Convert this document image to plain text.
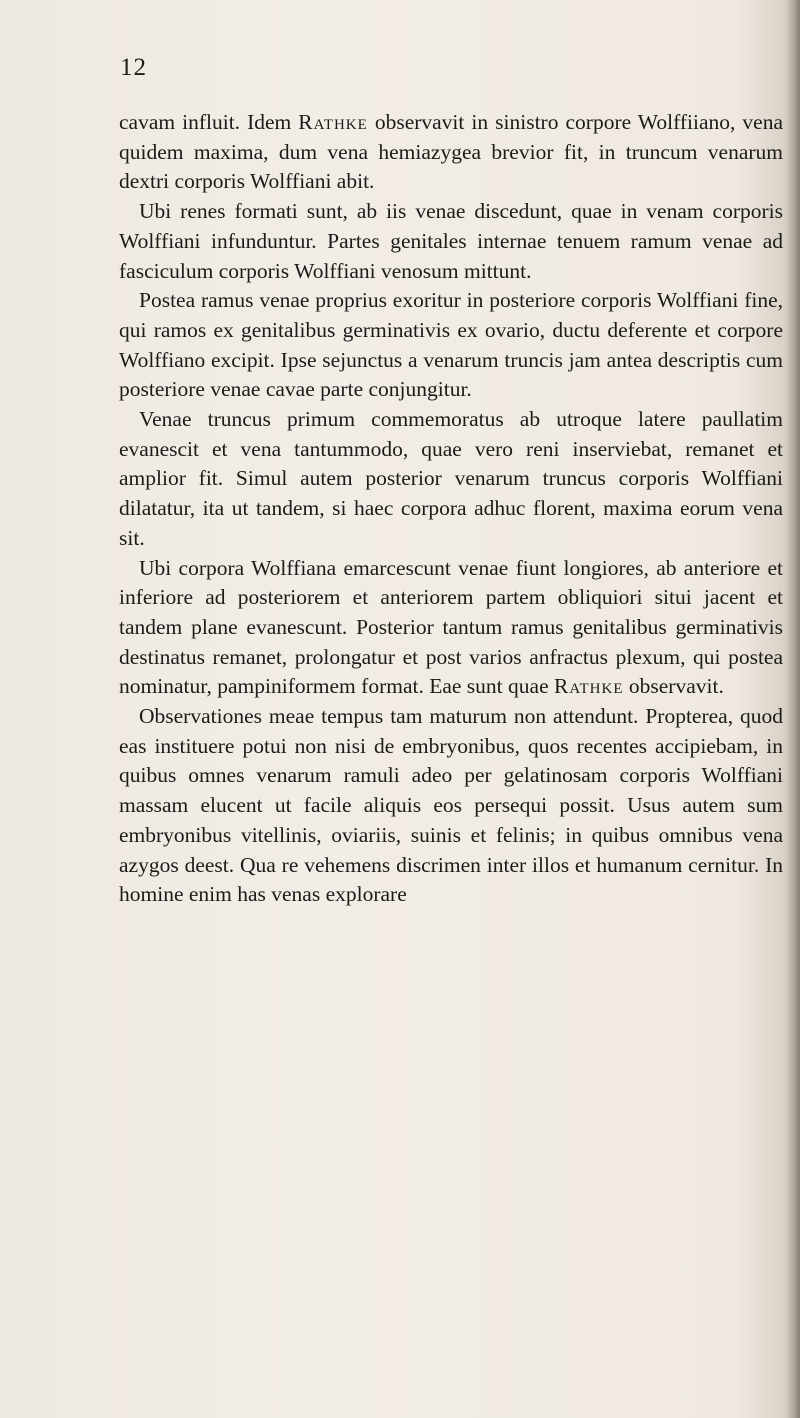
12

cavam influit. Idem Rathke observavit in sinistro corpore Wolffiiano, vena quidem maxima, dum vena hemiazygea brevior fit, in truncum venarum dextri corporis Wolffiani abit.

Ubi renes formati sunt, ab iis venae discedunt, quae in venam corporis Wolffiani infunduntur. Partes genitales internae tenuem ramum venae ad fasciculum corporis Wolffiani venosum mittunt.

Postea ramus venae proprius exoritur in posteriore corporis Wolffiani fine, qui ramos ex genitalibus germinativis ex ovario, ductu deferente et corpore Wolffiano excipit. Ipse sejunctus a venarum truncis jam antea descriptis cum posteriore venae cavae parte conjungitur.

Venae truncus primum commemoratus ab utroque latere paullatim evanescit et vena tantummodo, quae vero reni inserviebat, remanet et amplior fit. Simul autem posterior venarum truncus corporis Wolffiani dilatatur, ita ut tandem, si haec corpora adhuc florent, maxima eorum vena sit.

Ubi corpora Wolffiana emarcescunt venae fiunt longiores, ab anteriore et inferiore ad posteriorem et anteriorem partem obliquiori situi jacent et tandem plane evanescunt. Posterior tantum ramus genitalibus germinativis destinatus remanet, prolongatur et post varios anfractus plexum, qui postea nominatur, pampiniformem format. Eae sunt quae Rathke observavit.

Observationes meae tempus tam maturum non attendunt. Propterea, quod eas instituere potui non nisi de embryonibus, quos recentes accipiebam, in quibus omnes venarum ramuli adeo per gelatinosam corporis Wolffiani massam elucent ut facile aliquis eos persequi possit. Usus autem sum embryonibus vitellinis, oviariis, suinis et felinis; in quibus omnibus vena azygos deest. Qua re vehemens discrimen inter illos et humanum cernitur. In homine enim has venas explorare
